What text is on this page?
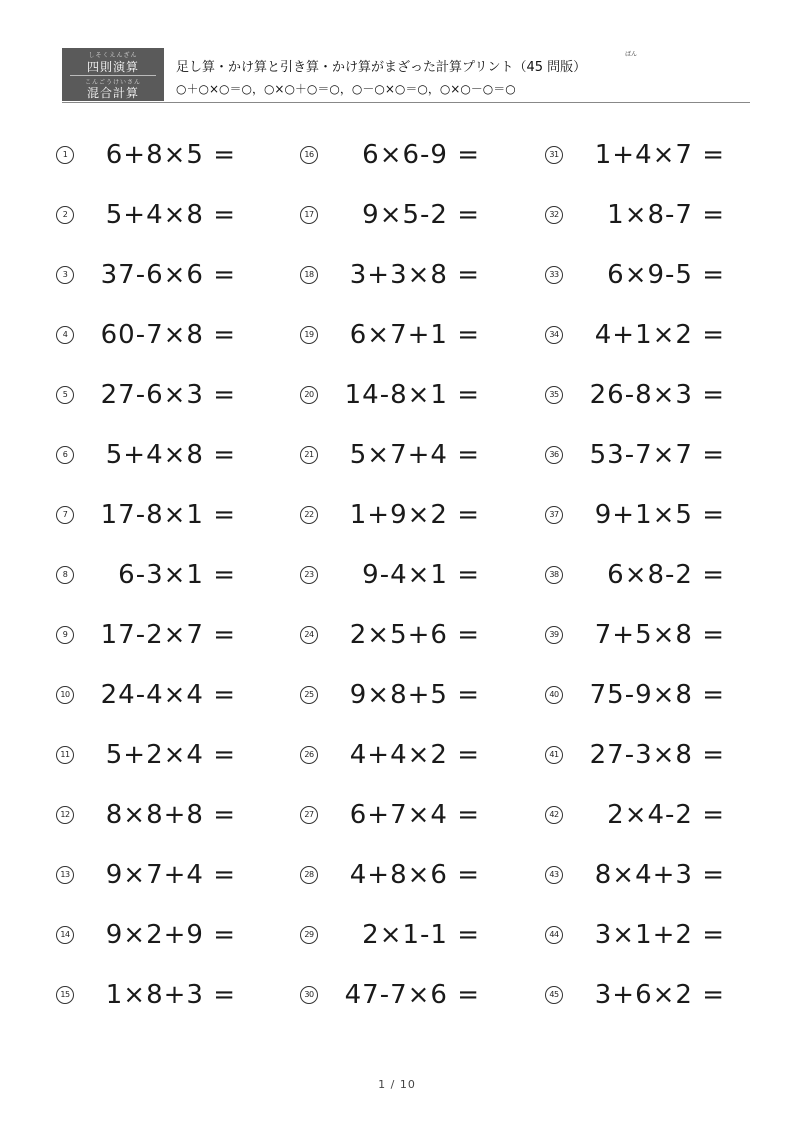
しそくえんざん
四則演算
こんごうけいさん
混合計算
ばん
足し算・かけ算と引き算・かけ算がまざった計算プリント（45 問版）
○＋○×○＝○，○×○＋○＝○，○－○×○＝○，○×○－○＝○
1	6+8×5 =
2	5+4×8 =
3	37-6×6 =
4	60-7×8 =
5	27-6×3 =
6	5+4×8 =
7	17-8×1 =
8	6-3×1 =
9	17-2×7 =
10	24-4×4 =
11	5+2×4 =
12	8×8+8 =
13	9×7+4 =
14	9×2+9 =
15	1×8+3 =
16	6×6-9 =
17	9×5-2 =
18	3+3×8 =
19	6×7+1 =
20	14-8×1 =
21	5×7+4 =
22	1+9×2 =
23	9-4×1 =
24	2×5+6 =
25	9×8+5 =
26	4+4×2 =
27	6+7×4 =
28	4+8×6 =
29	2×1-1 =
30	47-7×6 =
31	1+4×7 =
32	1×8-7 =
33	6×9-5 =
34	4+1×2 =
35	26-8×3 =
36	53-7×7 =
37	9+1×5 =
38	6×8-2 =
39	7+5×8 =
40	75-9×8 =
41	27-3×8 =
42	2×4-2 =
43	8×4+3 =
44	3×1+2 =
45	3+6×2 =
1 / 10
